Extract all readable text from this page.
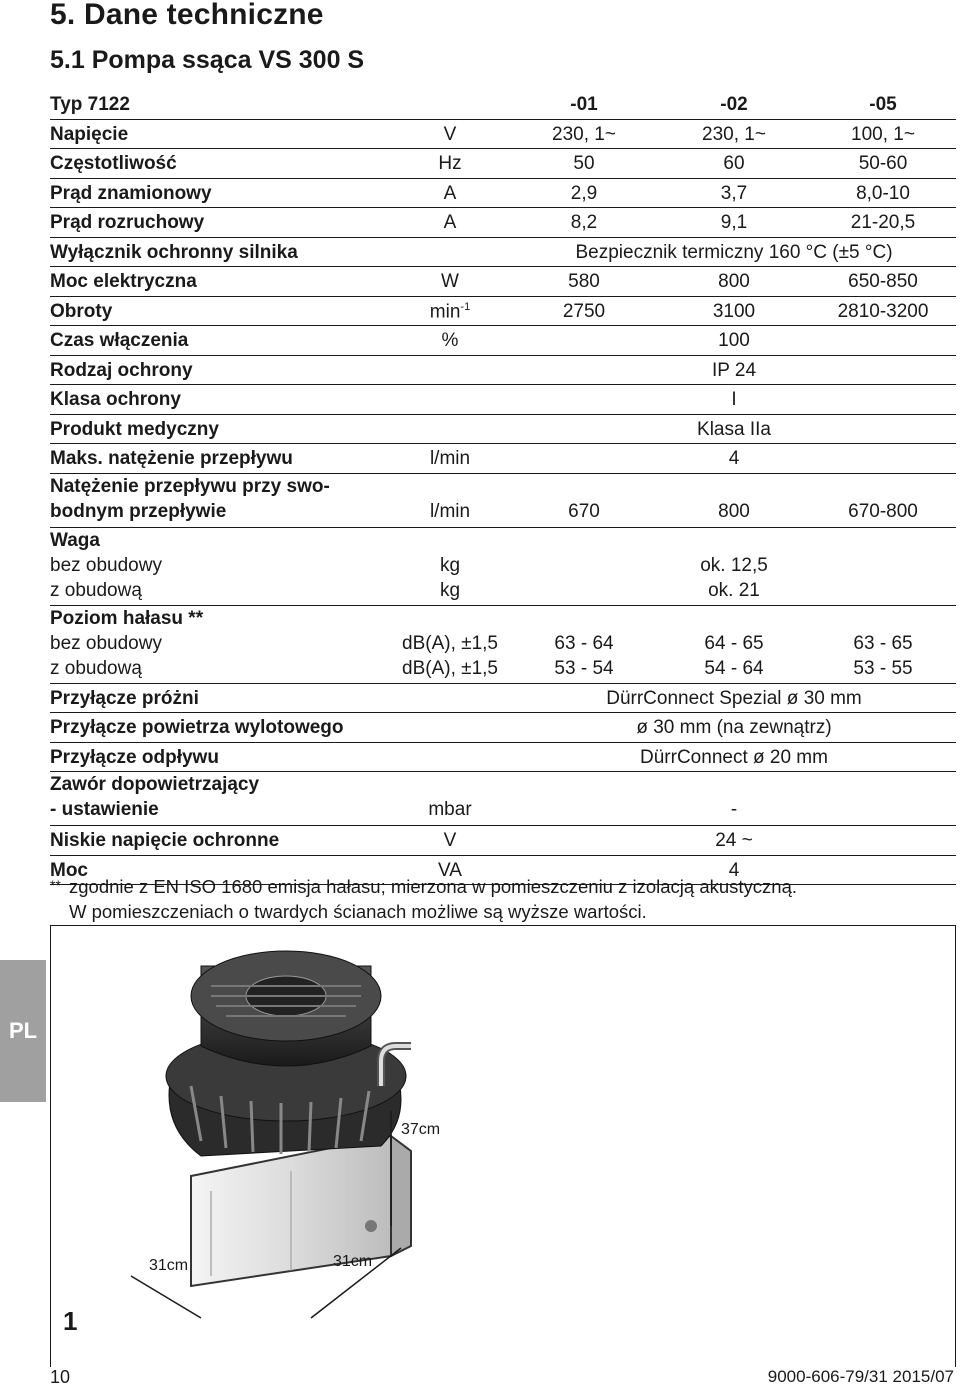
5. Dane techniczne
5.1 Pompa ssąca VS 300 S
Typ 7122	-01	-02	-05
Napięcie	V	230, 1~	230, 1~	100, 1~
Częstotliwość	Hz	50	60	50-60
Prąd znamionowy	A	2,9	3,7	8,0-10
Prąd rozruchowy	A	8,2	9,1	21-20,5
Wyłącznik ochronny silnika	Bezpiecznik termiczny 160 °C (±5 °C)
Moc elektryczna	W	580	800	650-850
Obroty	$\min^{-1}$	2750	3100	2810-3200
Czas włączenia	%	100
Rodzaj ochrony	IP 24
Klasa ochrony	I
Produkt medyczny	Klasa IIa
Maks. natężenie przepływu	l/min	4
Natężenie przepływu przy swo-
bodnym przepływie	l/min	670	800	670-800
Waga
bez obudowy	kg	ok. 12,5
z obudową	kg	ok. 21
Poziom hałasu **
bez obudowy	dB(A), ±1,5	63 - 64	64 - 65	63 - 65
z obudową	dB(A), ±1,5	53 - 54	54 - 64	53 - 55
Przyłącze próżni	DürrConnect Spezial ø 30 mm
Przyłącze powietrza wylotowego	ø 30 mm (na zewnątrz)
Przyłącze odpływu	DürrConnect ø 20 mm
Zawór dopowietrzający
- ustawienie	mbar	-
Niskie napięcie ochronne	V	24 ~
Moc	VA	4
** zgodnie z EN ISO 1680 emisja hałasu; mierzona w pomieszczeniu z izolacją akustyczną.
W pomieszczeniach o twardych ścianach możliwe są wyższe wartości.
PL
37cm
31cm	31cm
1
10	9000-606-79/31 2015/07
